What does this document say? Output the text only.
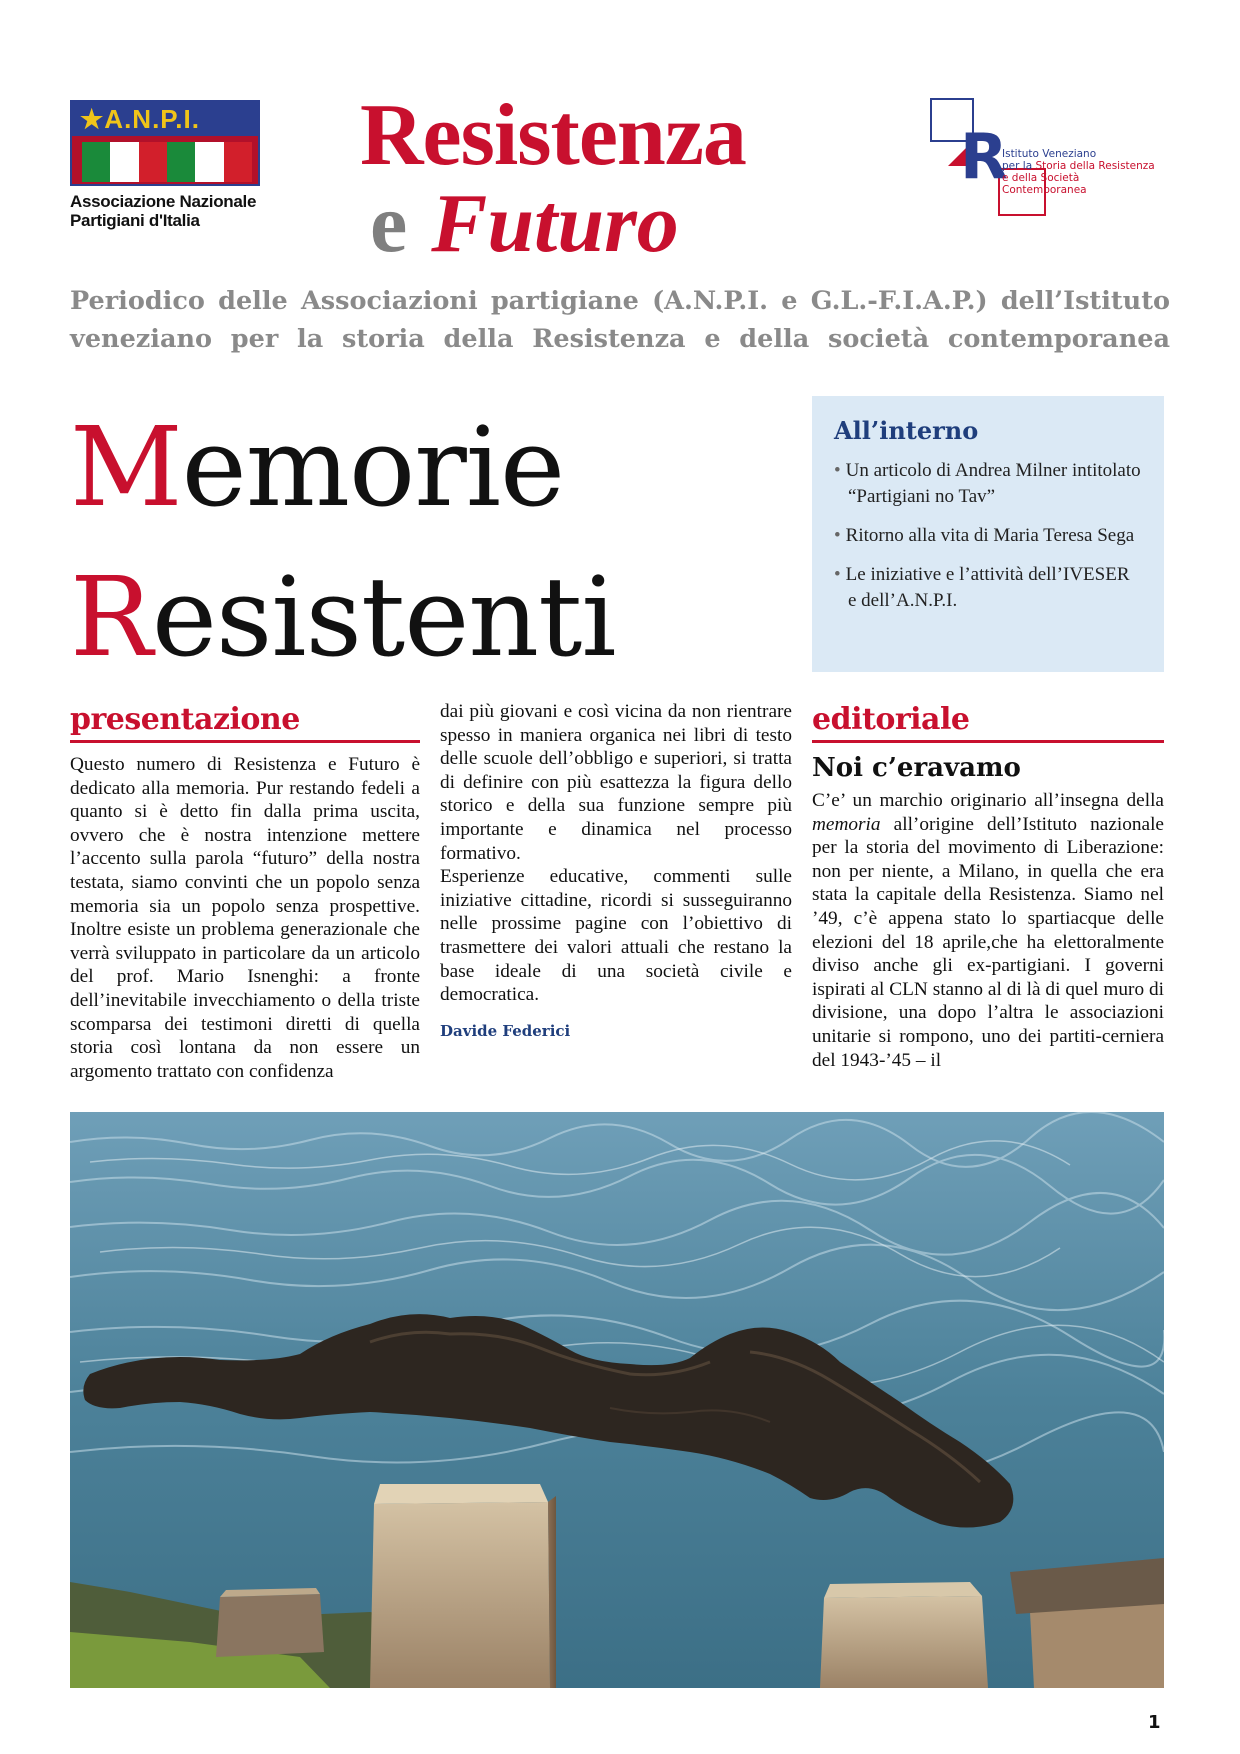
★A.N.P.I.
Associazione Nazionale
Partigiani d'Italia
Resistenza
e Futuro
R
Istituto Veneziano
per la Storia della Resistenza
e della Società Contemporanea
Periodico delle Associazioni partigiane (A.N.P.I. e G.L.-F.I.A.P.) dell’Istituto
veneziano per la storia della Resistenza e della società contemporanea
Memorie
Resistenti
All’interno
• Un articolo di Andrea Milner intitolato “Partigiani no Tav”
• Ritorno alla vita di Maria Teresa Sega
• Le iniziative e l’attività dell’IVESER e dell’A.N.P.I.
presentazione

Questo numero di Resistenza e Futuro è dedicato alla memoria. Pur restando fedeli a quanto si è detto fin dalla prima uscita, ovvero che è nostra intenzione mettere l’accento sulla parola “futuro” della nostra testata, siamo convinti che un popolo senza memoria sia un popolo senza prospettive. Inoltre esiste un problema generazionale che verrà sviluppato in particolare da un articolo del prof. Mario Isnenghi: a fronte dell’inevitabile invecchiamento o della triste scomparsa dei testimoni diretti di quella storia così lontana da non essere un argomento trattato con confidenza

dai più giovani e così vicina da non rientrare spesso in maniera organica nei libri di testo delle scuole dell’obbligo e superiori, si tratta di definire con più esattezza la figura dello storico e della sua funzione sempre più importante e dinamica nel processo formativo.

Esperienze educative, commenti sulle iniziative cittadine, ricordi si susseguiranno nelle prossime pagine con l’obiettivo di trasmettere dei valori attuali che restano la base ideale di una società civile e democratica.

Davide Federici
editoriale
Noi c’eravamo

C’e’ un marchio originario all’insegna della memoria all’origine dell’Istituto nazionale per la storia del movimento di Liberazione: non per niente, a Milano, in quella che era stata la capitale della Resistenza. Siamo nel ’49, c’è appena stato lo spartiacque delle elezioni del 18 aprile,che ha elettoralmente diviso anche gli ex-partigiani. I governi ispirati al CLN stanno al di là di quel muro di divisione, una dopo l’altra le associazioni unitarie si rompono, uno dei partiti-cerniera del 1943-’45 – il

1
